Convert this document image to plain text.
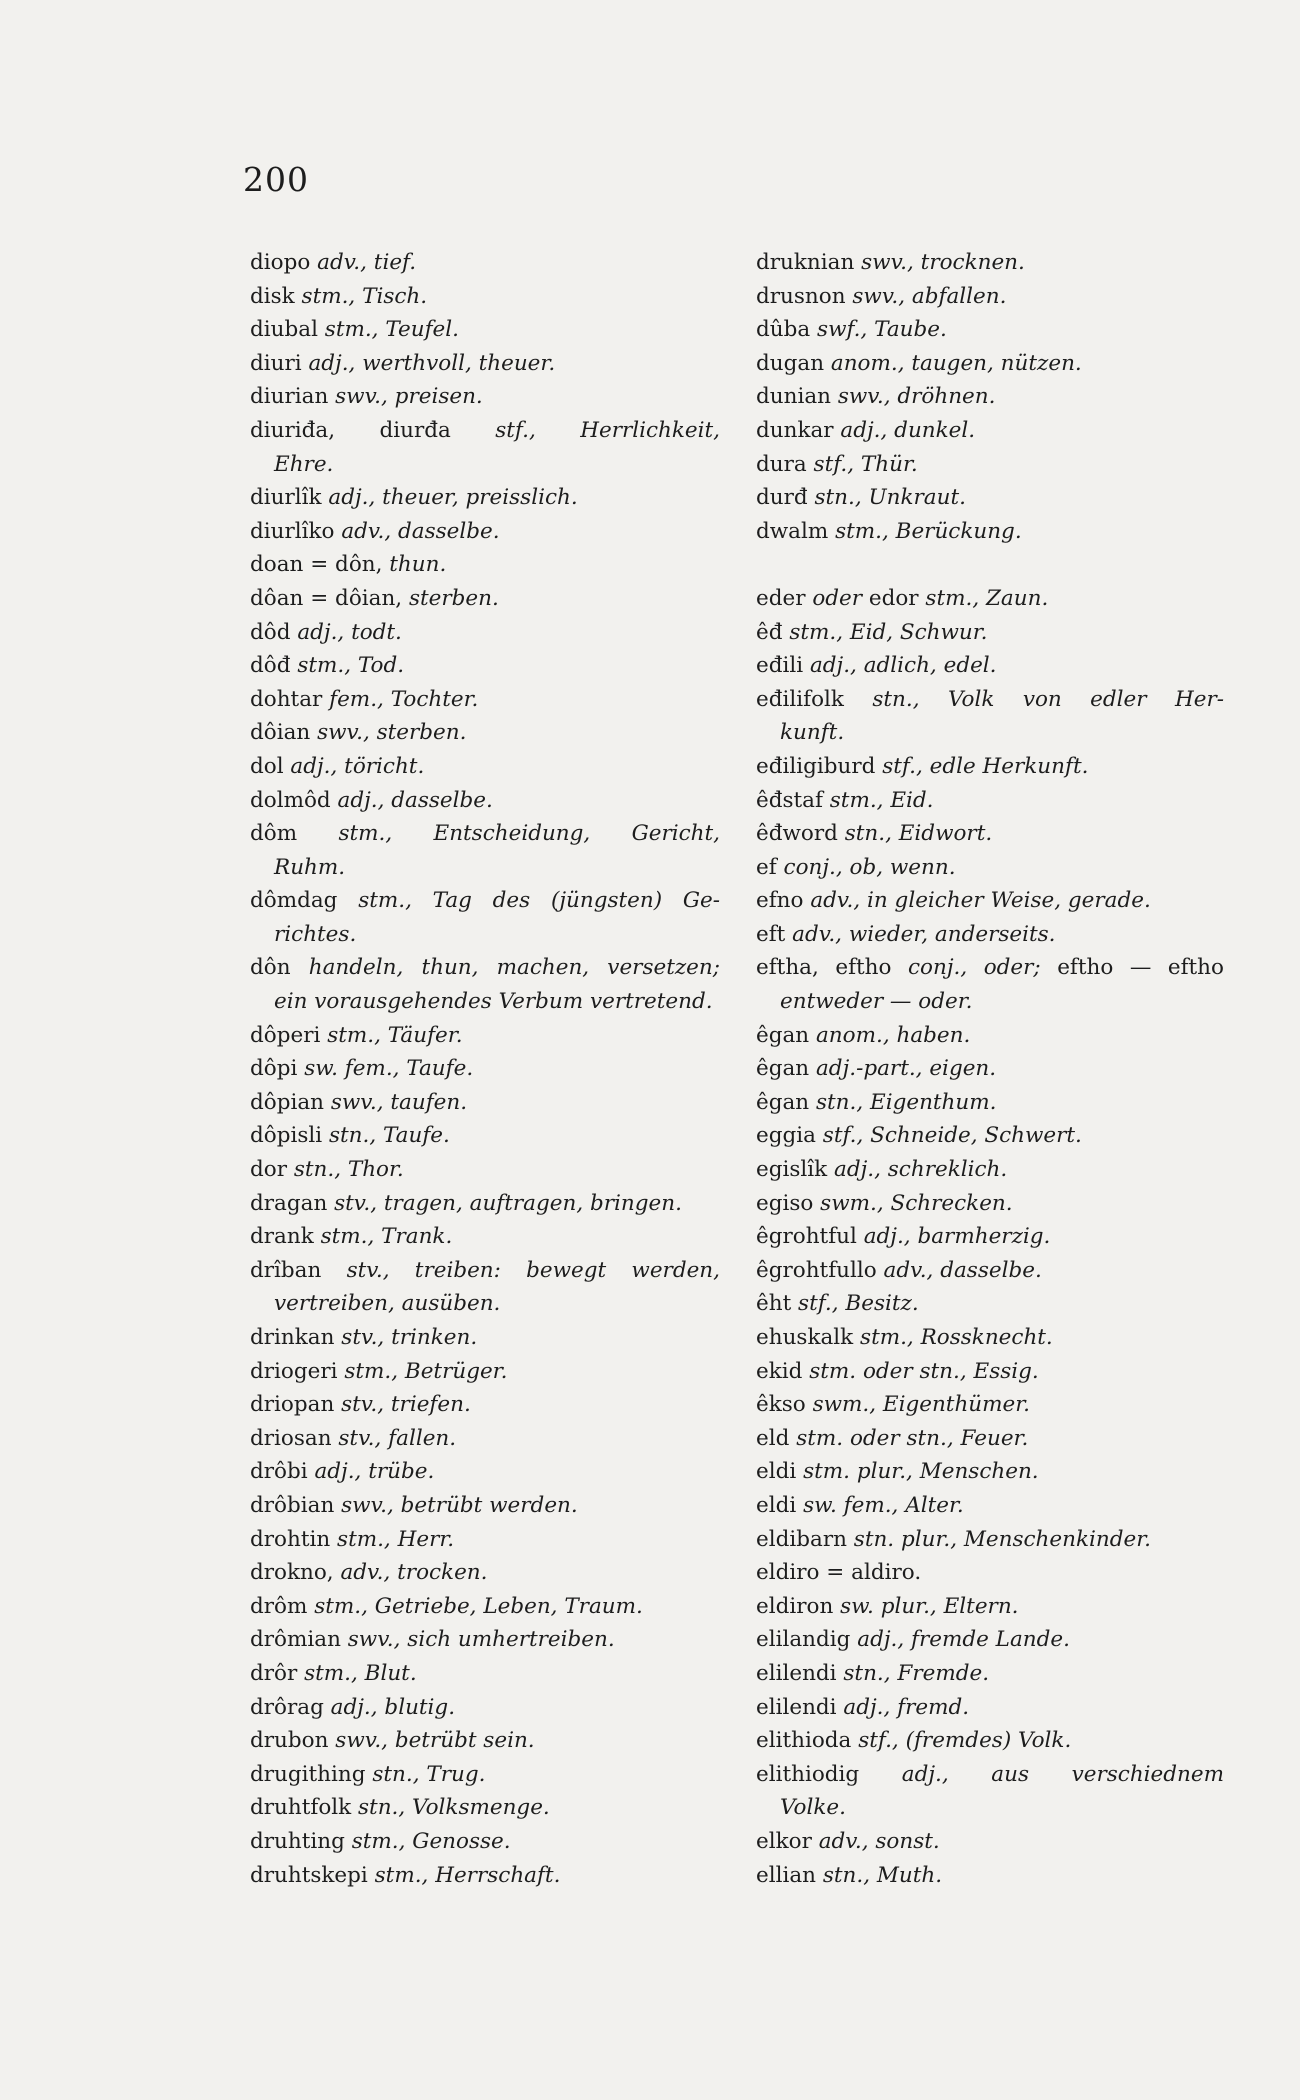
200
diopo adv., tief.
disk stm., Tisch.
diubal stm., Teufel.
diuri adj., werthvoll, theuer.
diurian swv., preisen.
diuriđa, diurđa stf., Herrlichkeit,
Ehre.
diurlîk adj., theuer, preisslich.
diurlîko adv., dasselbe.
doan = dôn, thun.
dôan = dôian, sterben.
dôd adj., todt.
dôđ stm., Tod.
dohtar fem., Tochter.
dôian swv., sterben.
dol adj., töricht.
dolmôd adj., dasselbe.
dôm stm., Entscheidung, Gericht,
Ruhm.
dômdag stm., Tag des (jüngsten) Ge-
richtes.
dôn handeln, thun, machen, versetzen;
ein vorausgehendes Verbum vertretend.
dôperi stm., Täufer.
dôpi sw. fem., Taufe.
dôpian swv., taufen.
dôpisli stn., Taufe.
dor stn., Thor.
dragan stv., tragen, auftragen, bringen.
drank stm., Trank.
drîban stv., treiben: bewegt werden,
vertreiben, ausüben.
drinkan stv., trinken.
driogeri stm., Betrüger.
driopan stv., triefen.
driosan stv., fallen.
drôbi adj., trübe.
drôbian swv., betrübt werden.
drohtin stm., Herr.
drokno, adv., trocken.
drôm stm., Getriebe, Leben, Traum.
drômian swv., sich umhertreiben.
drôr stm., Blut.
drôrag adj., blutig.
drubon swv., betrübt sein.
drugithing stn., Trug.
druhtfolk stn., Volksmenge.
druhting stm., Genosse.
druhtskepi stm., Herrschaft.
druknian swv., trocknen.
drusnon swv., abfallen.
dûba swf., Taube.
dugan anom., taugen, nützen.
dunian swv., dröhnen.
dunkar adj., dunkel.
dura stf., Thür.
durđ stn., Unkraut.
dwalm stm., Berückung.
eder oder edor stm., Zaun.
êđ stm., Eid, Schwur.
eđili adj., adlich, edel.
eđilifolk stn., Volk von edler Her-
kunft.
eđiligiburd stf., edle Herkunft.
êđstaf stm., Eid.
êđword stn., Eidwort.
ef conj., ob, wenn.
efno adv., in gleicher Weise, gerade.
eft adv., wieder, anderseits.
eftha, eftho conj., oder; eftho — eftho
entweder — oder.
êgan anom., haben.
êgan adj.-part., eigen.
êgan stn., Eigenthum.
eggia stf., Schneide, Schwert.
egislîk adj., schreklich.
egiso swm., Schrecken.
êgrohtful adj., barmherzig.
êgrohtfullo adv., dasselbe.
êht stf., Besitz.
ehuskalk stm., Rossknecht.
ekid stm. oder stn., Essig.
êkso swm., Eigenthümer.
eld stm. oder stn., Feuer.
eldi stm. plur., Menschen.
eldi sw. fem., Alter.
eldibarn stn. plur., Menschenkinder.
eldiro = aldiro.
eldiron sw. plur., Eltern.
elilandig adj., fremde Lande.
elilendi stn., Fremde.
elilendi adj., fremd.
elithioda stf., (fremdes) Volk.
elithiodig adj., aus verschiednem
Volke.
elkor adv., sonst.
ellian stn., Muth.
